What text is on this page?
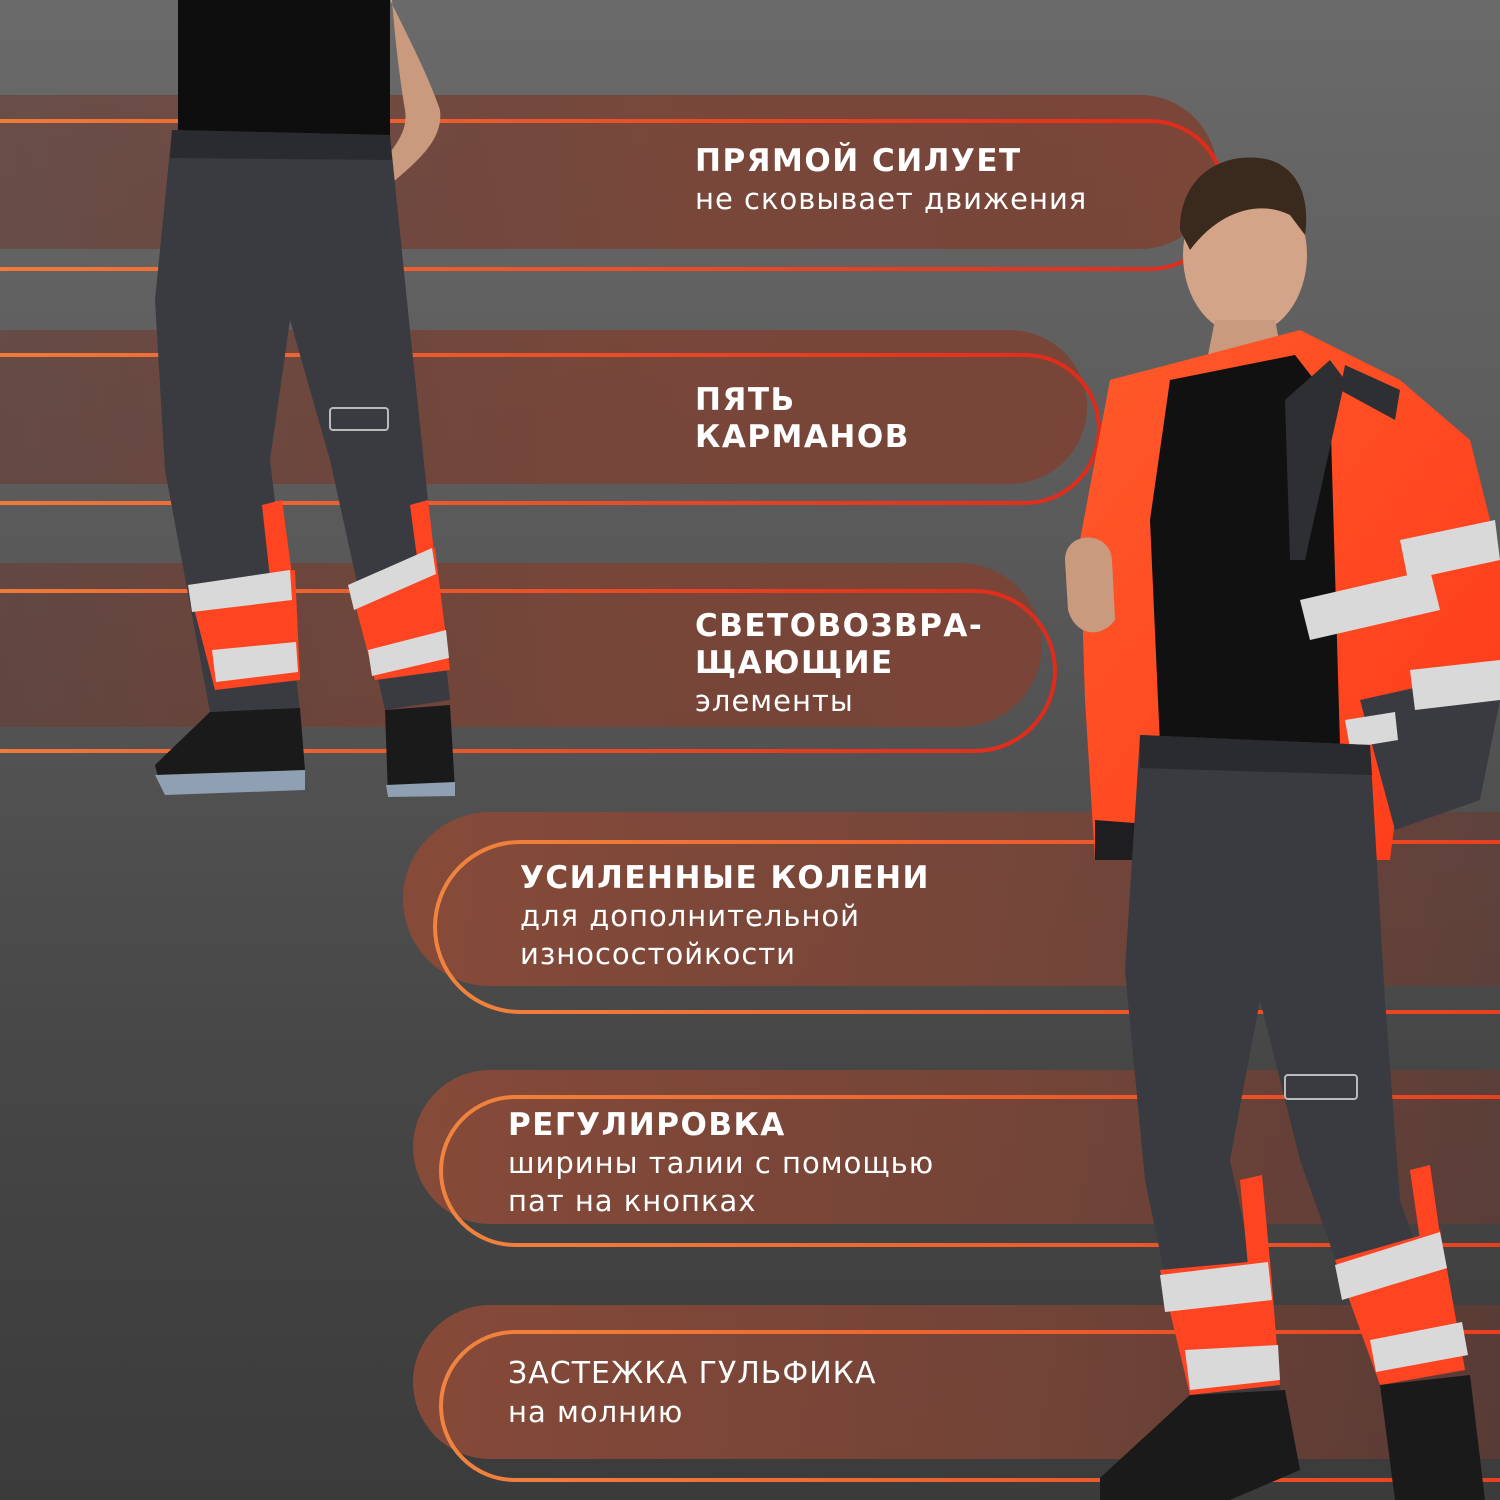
ПРЯМОЙ СИЛУЕТ
не сковывает движения
ПЯТЬ
КАРМАНОВ
СВЕТОВОЗВРА-
ЩАЮЩИЕ
элементы
УСИЛЕННЫЕ КОЛЕНИ
для дополнительной
износостойкости
РЕГУЛИРОВКА
ширины талии с помощью
пат на кнопках
ЗАСТЕЖКА ГУЛЬФИКА
на молнию
